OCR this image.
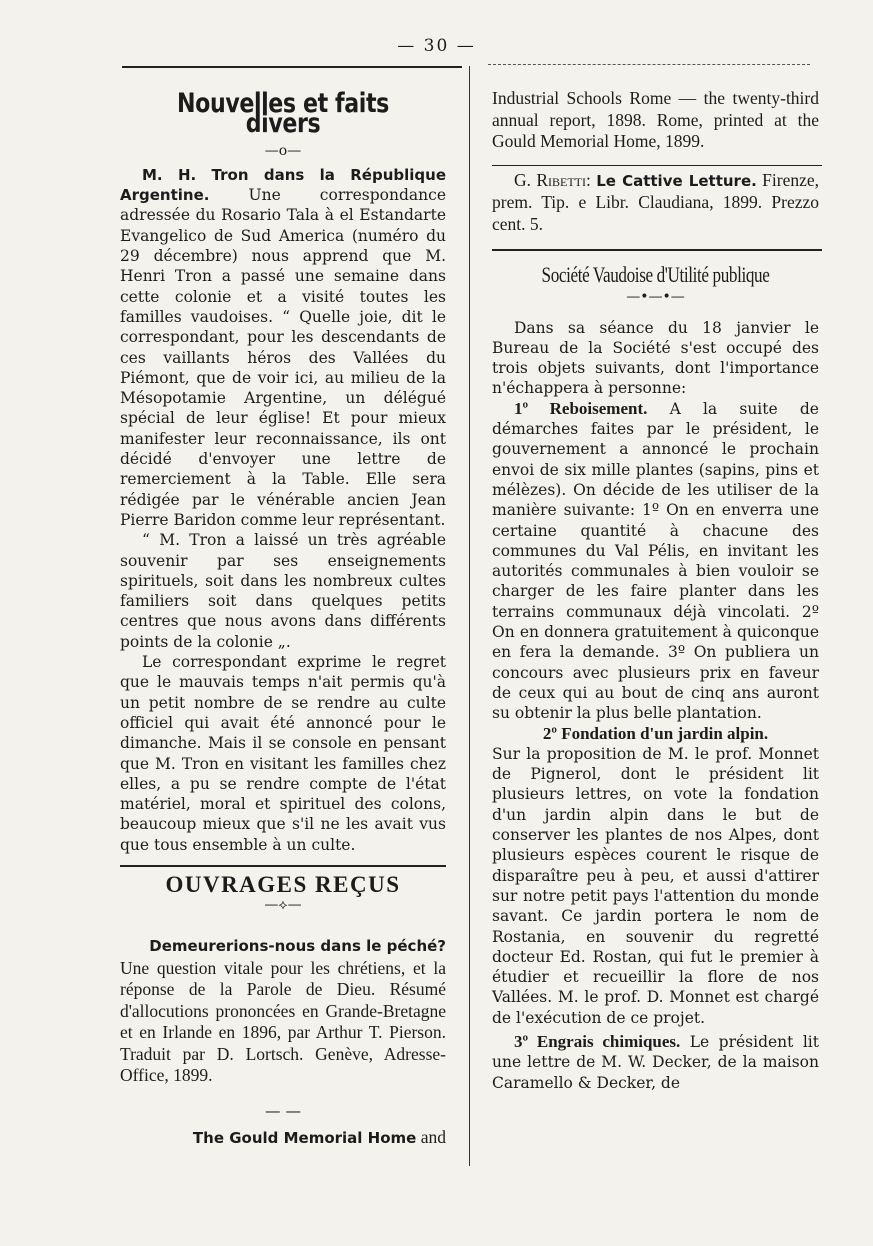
— 30 —
Nouvelles et faits divers
—o—

M. H. Tron dans la République Argentine.	Une correspondance adressée du Rosario Tala à el Estandarte Evangelico de Sud America (numéro du 29 décembre) nous apprend que M. Henri Tron a passé une semaine dans cette colonie et a visité toutes les familles vaudoises. “ Quelle joie, dit le correspondant, pour les descendants de ces vaillants héros des Vallées du Piémont, que de voir ici, au milieu de la Mésopotamie Argentine, un délégué spécial de leur église! Et pour mieux manifester leur reconnaissance, ils ont décidé d'envoyer une lettre de remerciement à la Table. Elle sera rédigée par le vénérable ancien Jean Pierre Baridon comme leur représentant.

“ M. Tron a laissé un très agréable souvenir par ses enseignements spirituels, soit dans les nombreux cultes familiers soit dans quelques petits centres que nous avons dans différents points de la colonie „.

Le correspondant exprime le regret que le mauvais temps n'ait permis qu'à un petit nombre de se rendre au culte officiel qui avait été annoncé pour le dimanche. Mais il se console en pensant que M. Tron en visitant les familles chez elles, a pu se rendre compte de l'état matériel, moral et spirituel des colons, beaucoup mieux que s'il ne les avait vus que tous ensemble à un culte.

OUVRAGES REÇUS
—⟡—
Demeurerions-nous dans le péché?

Une question vitale pour les chrétiens, et la réponse de la Parole de Dieu. Résumé d'allocutions prononcées en Grande-Bretagne et en Irlande en 1896, par Arthur T. Pierson. Traduit par D. Lortsch. Genève, Adresse-Office, 1899.

— —

The Gould Memorial Home and

Industrial Schools Rome — the twenty-third annual report, 1898. Rome, printed at the Gould Memorial Home, 1899.

G. Ribetti: Le Cattive Letture. Firenze, prem. Tip. e Libr. Claudiana, 1899. Prezzo cent. 5.

Société Vaudoise d'Utilité publique
—•—•—

Dans sa séance du 18 janvier le Bureau de la Société s'est occupé des trois objets suivants, dont l'importance n'échappera à personne:

1º Reboisement. A la suite de démarches faites par le président, le gouvernement a annoncé le prochain envoi de six mille plantes (sapins, pins et mélèzes). On décide de les utiliser de la manière suivante: 1º On en enverra une certaine quantité à chacune des communes du Val Pélis, en invitant les autorités communales à bien vouloir se charger de les faire planter dans les terrains communaux déjà vincolati. 2º On en donnera gratuitement à quiconque en fera la demande. 3º On publiera un concours avec plusieurs prix en faveur de ceux qui au bout de cinq ans auront su obtenir la plus belle plantation.

2º Fondation d'un jardin alpin.
Sur la proposition de M. le prof. Monnet de Pignerol, dont le président lit plusieurs lettres, on vote la fondation d'un jardin alpin dans le but de conserver les plantes de nos Alpes, dont plusieurs espèces courent le risque de disparaître peu à peu, et aussi d'attirer sur notre petit pays l'attention du monde savant. Ce jardin portera le nom de Rostania, en souvenir du regretté docteur Ed. Rostan, qui fut le premier à étudier et recueillir la flore de nos Vallées. M. le prof. D. Monnet est chargé de l'exécution de ce projet.

3º Engrais chimiques. Le président lit une lettre de M. W. Decker, de la maison Caramello & Decker, de
